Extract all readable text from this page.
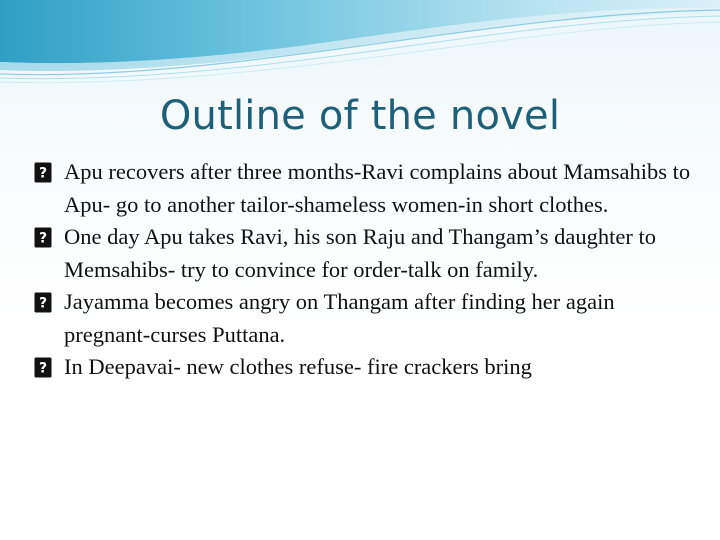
Outline of the novel
? Apu recovers after three months-Ravi complains about Mamsahibs to Apu- go to another tailor-shameless women-in short clothes.
? One day Apu takes Ravi, his son Raju and Thangam’s daughter to Memsahibs- try to convince for order-talk on family.
? Jayamma becomes angry on Thangam after finding her again pregnant-curses Puttana.
? In Deepavai- new clothes refuse- fire crackers bring
